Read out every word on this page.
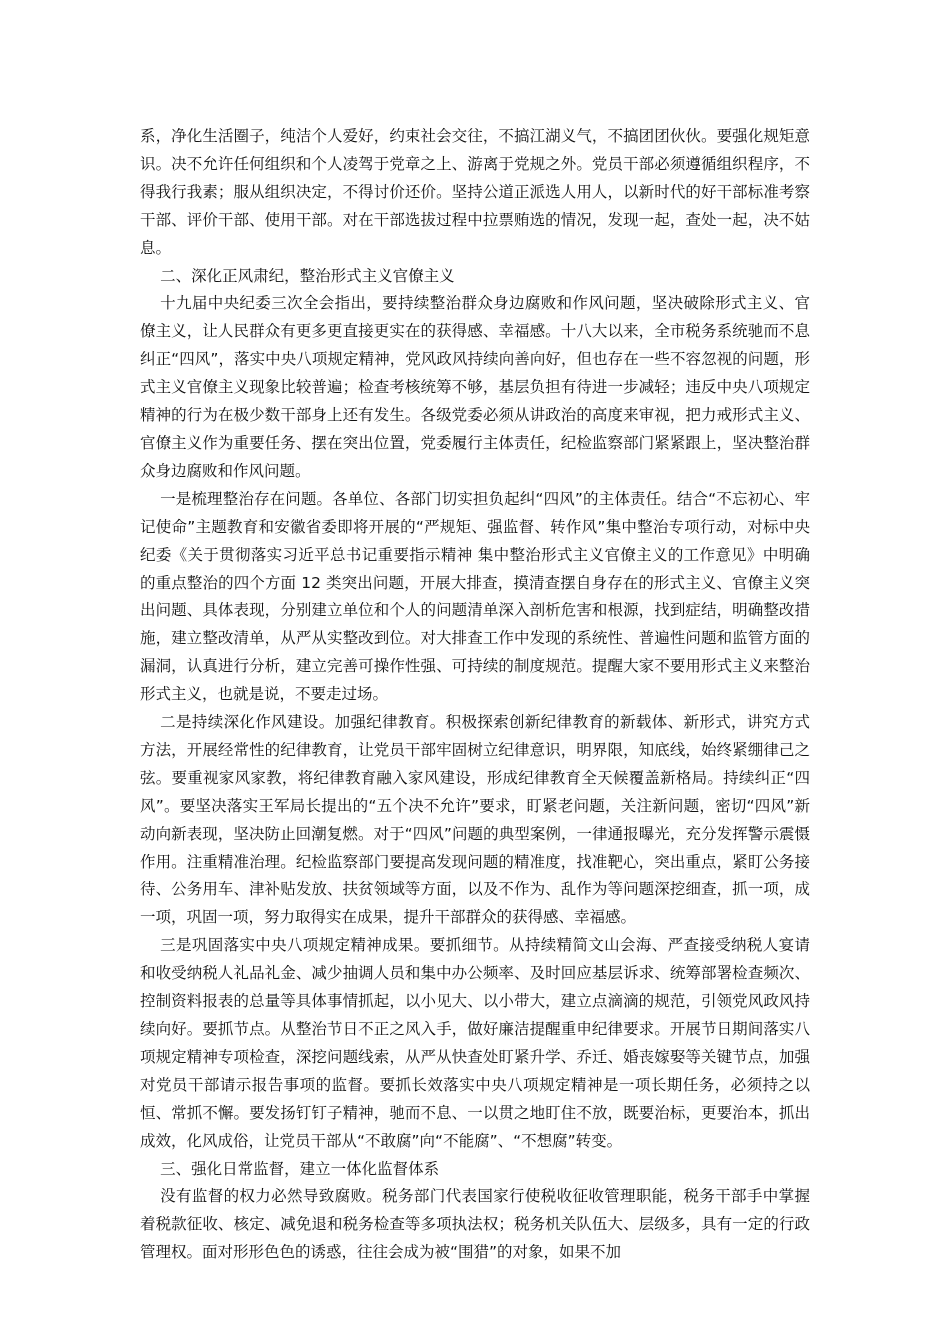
系，净化生活圈子，纯洁个人爱好，约束社会交往，不搞江湖义气，不搞团团伙伙。要强化规矩意识。决不允许任何组织和个人凌驾于党章之上、游离于党规之外。党员干部必须遵循组织程序，不得我行我素；服从组织决定，不得讨价还价。坚持公道正派选人用人，以新时代的好干部标准考察干部、评价干部、使用干部。对在干部选拔过程中拉票贿选的情况，发现一起，查处一起，决不姑息。

二、深化正风肃纪，整治形式主义官僚主义

十九届中央纪委三次全会指出，要持续整治群众身边腐败和作风问题，坚决破除形式主义、官僚主义，让人民群众有更多更直接更实在的获得感、幸福感。十八大以来，全市税务系统驰而不息纠正“四风”，落实中央八项规定精神，党风政风持续向善向好，但也存在一些不容忽视的问题，形式主义官僚主义现象比较普遍；检查考核统筹不够，基层负担有待进一步减轻；违反中央八项规定精神的行为在极少数干部身上还有发生。各级党委必须从讲政治的高度来审视，把力戒形式主义、官僚主义作为重要任务、摆在突出位置，党委履行主体责任，纪检监察部门紧紧跟上，坚决整治群众身边腐败和作风问题。

一是梳理整治存在问题。各单位、各部门切实担负起纠“四风”的主体责任。结合“不忘初心、牢记使命”主题教育和安徽省委即将开展的“严规矩、强监督、转作风”集中整治专项行动，对标中央纪委《关于贯彻落实习近平总书记重要指示精神 集中整治形式主义官僚主义的工作意见》中明确的重点整治的四个方面 12 类突出问题，开展大排查，摸清查摆自身存在的形式主义、官僚主义突出问题、具体表现，分别建立单位和个人的问题清单深入剖析危害和根源，找到症结，明确整改措施，建立整改清单，从严从实整改到位。对大排查工作中发现的系统性、普遍性问题和监管方面的漏洞，认真进行分析，建立完善可操作性强、可持续的制度规范。提醒大家不要用形式主义来整治形式主义，也就是说，不要走过场。

二是持续深化作风建设。加强纪律教育。积极探索创新纪律教育的新载体、新形式，讲究方式方法，开展经常性的纪律教育，让党员干部牢固树立纪律意识，明界限，知底线，始终紧绷律己之弦。要重视家风家教，将纪律教育融入家风建设，形成纪律教育全天候覆盖新格局。持续纠正“四风”。要坚决落实王军局长提出的“五个决不允许”要求，盯紧老问题，关注新问题，密切“四风”新动向新表现，坚决防止回潮复燃。对于“四风”问题的典型案例，一律通报曝光，充分发挥警示震慑作用。注重精准治理。纪检监察部门要提高发现问题的精准度，找准靶心，突出重点，紧盯公务接待、公务用车、津补贴发放、扶贫领域等方面，以及不作为、乱作为等问题深挖细查，抓一项，成一项，巩固一项，努力取得实在成果，提升干部群众的获得感、幸福感。

三是巩固落实中央八项规定精神成果。要抓细节。从持续精简文山会海、严查接受纳税人宴请和收受纳税人礼品礼金、减少抽调人员和集中办公频率、及时回应基层诉求、统筹部署检查频次、控制资料报表的总量等具体事情抓起，以小见大、以小带大，建立点滴滴的规范，引领党风政风持续向好。要抓节点。从整治节日不正之风入手，做好廉洁提醒重申纪律要求。开展节日期间落实八项规定精神专项检查，深挖问题线索，从严从快查处盯紧升学、乔迁、婚丧嫁娶等关键节点，加强对党员干部请示报告事项的监督。要抓长效落实中央八项规定精神是一项长期任务，必须持之以恒、常抓不懈。要发扬钉钉子精神，驰而不息、一以贯之地盯住不放，既要治标，更要治本，抓出成效，化风成俗，让党员干部从“不敢腐”向“不能腐”、“不想腐”转变。

三、强化日常监督，建立一体化监督体系

没有监督的权力必然导致腐败。税务部门代表国家行使税收征收管理职能，税务干部手中掌握着税款征收、核定、减免退和税务检查等多项执法权；税务机关队伍大、层级多，具有一定的行政管理权。面对形形色色的诱惑，往往会成为被“围猎”的对象，如果不加
